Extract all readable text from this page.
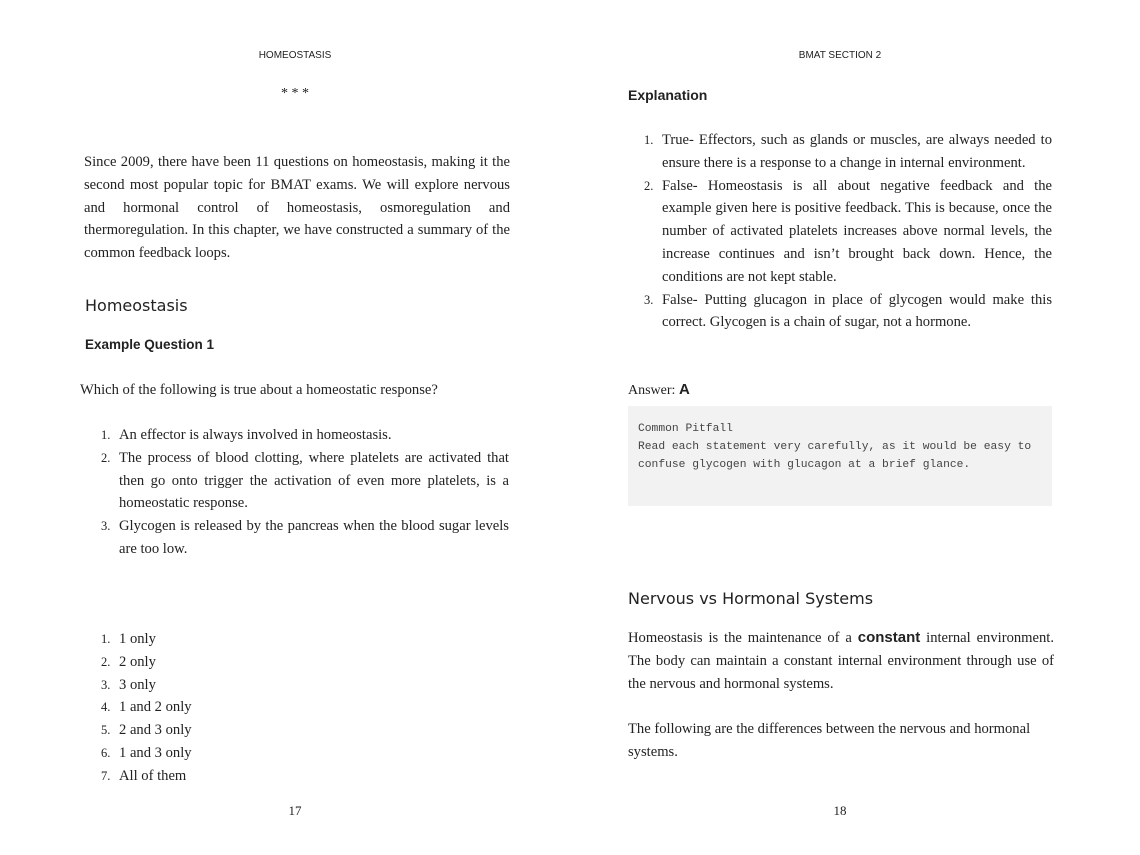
HOMEOSTASIS
* * *
Since 2009, there have been 11 questions on homeostasis, making it the second most popular topic for BMAT exams. We will explore nervous and hormonal control of homeostasis, osmoregulation and thermoregulation. In this chapter, we have constructed a summary of the common feedback loops.
Homeostasis
Example Question 1
Which of the following is true about a homeostatic response?
1. An effector is always involved in homeostasis.
2. The process of blood clotting, where platelets are activated that then go onto trigger the activation of even more platelets, is a homeostatic response.
3. Glycogen is released by the pancreas when the blood sugar levels are too low.
1. 1 only
2. 2 only
3. 3 only
4. 1 and 2 only
5. 2 and 3 only
6. 1 and 3 only
7. All of them
17
BMAT SECTION 2
Explanation
1. True- Effectors, such as glands or muscles, are always needed to ensure there is a response to a change in internal environment.
2. False- Homeostasis is all about negative feedback and the example given here is positive feedback. This is because, once the number of activated platelets increases above normal levels, the increase continues and isn’t brought back down. Hence, the conditions are not kept stable.
3. False- Putting glucagon in place of glycogen would make this correct. Glycogen is a chain of sugar, not a hormone.
Answer: A
Common Pitfall
Read each statement very carefully, as it would be easy to confuse glycogen with glucagon at a brief glance.
Nervous vs Hormonal Systems
Homeostasis is the maintenance of a constant internal environment. The body can maintain a constant internal environment through use of the nervous and hormonal systems.
The following are the differences between the nervous and hormonal systems.
18
